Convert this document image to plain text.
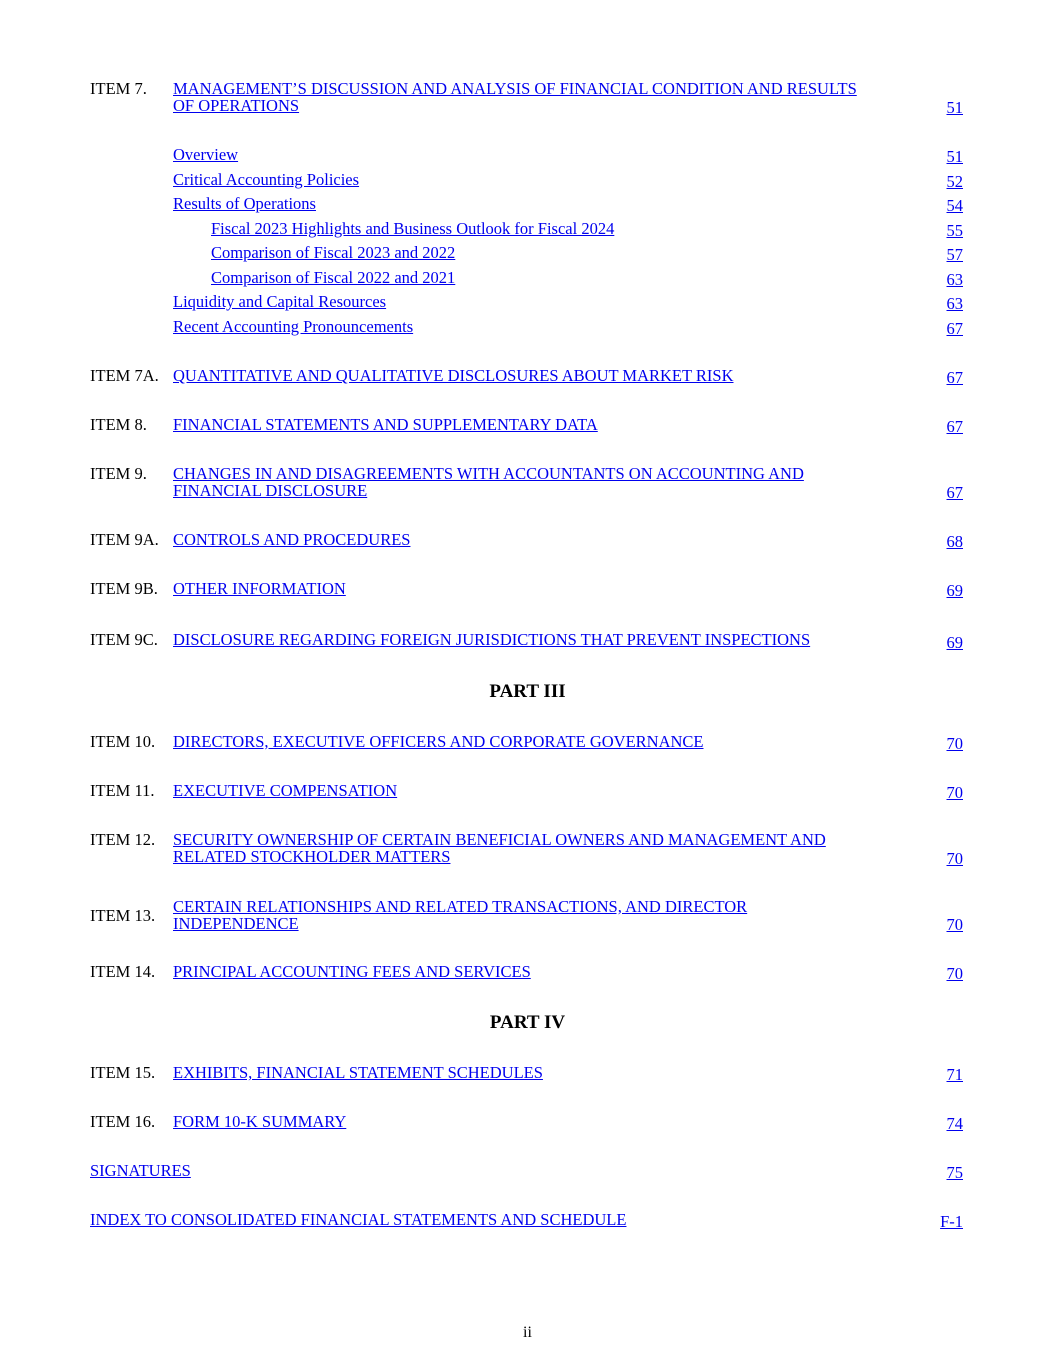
ITEM 7. MANAGEMENT’S DISCUSSION AND ANALYSIS OF FINANCIAL CONDITION AND RESULTS
OF OPERATIONS	51
Overview	51
Critical Accounting Policies	52
Results of Operations	54
Fiscal 2023 Highlights and Business Outlook for Fiscal 2024	55
Comparison of Fiscal 2023 and 2022	57
Comparison of Fiscal 2022 and 2021	63
Liquidity and Capital Resources	63
Recent Accounting Pronouncements	67
ITEM 7A. QUANTITATIVE AND QUALITATIVE DISCLOSURES ABOUT MARKET RISK	67
ITEM 8. FINANCIAL STATEMENTS AND SUPPLEMENTARY DATA	67
ITEM 9. CHANGES IN AND DISAGREEMENTS WITH ACCOUNTANTS ON ACCOUNTING AND
FINANCIAL DISCLOSURE	67
ITEM 9A. CONTROLS AND PROCEDURES	68
ITEM 9B. OTHER INFORMATION	69
ITEM 9C. DISCLOSURE REGARDING FOREIGN JURISDICTIONS THAT PREVENT INSPECTIONS	69
PART III
ITEM 10. DIRECTORS, EXECUTIVE OFFICERS AND CORPORATE GOVERNANCE	70
ITEM 11. EXECUTIVE COMPENSATION	70
ITEM 12. SECURITY OWNERSHIP OF CERTAIN BENEFICIAL OWNERS AND MANAGEMENT AND
RELATED STOCKHOLDER MATTERS	70
ITEM 13. CERTAIN RELATIONSHIPS AND RELATED TRANSACTIONS, AND DIRECTOR
INDEPENDENCE	70
ITEM 14. PRINCIPAL ACCOUNTING FEES AND SERVICES	70
PART IV
ITEM 15. EXHIBITS, FINANCIAL STATEMENT SCHEDULES	71
ITEM 16. FORM 10-K SUMMARY	74
SIGNATURES	75
INDEX TO CONSOLIDATED FINANCIAL STATEMENTS AND SCHEDULE	F-1
ii
